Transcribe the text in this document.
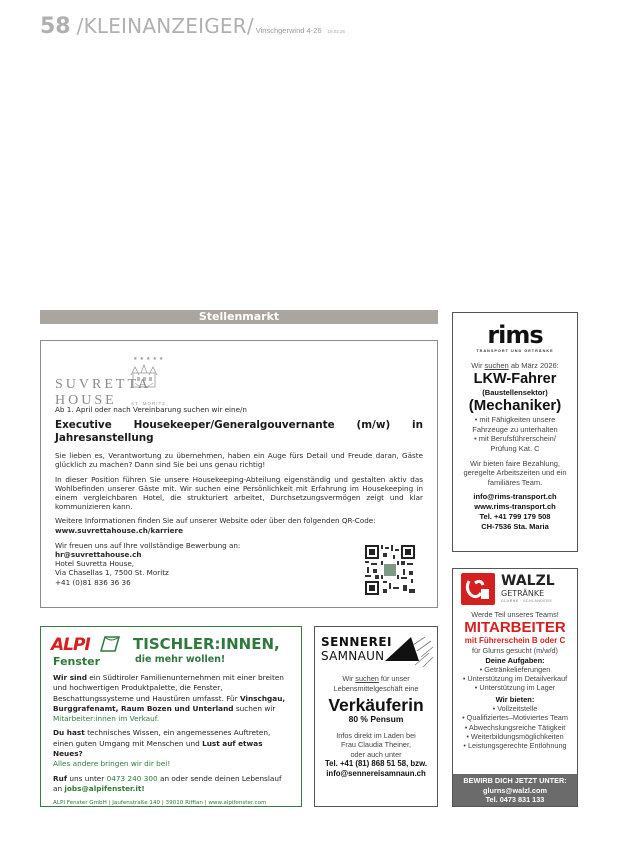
58 /KLEINANZEIGER/ Vinschgerwind 4-26 19.02.26
Stellenmarkt
★★★★★
SUVRETTA HOUSE	ST. MORITZ

Ab 1. April oder nach Vereinbarung suchen wir eine/n

Executive Housekeeper/Generalgouvernante (m/w) in Jahresanstellung

Sie lieben es, Verantwortung zu übernehmen, haben ein Auge fürs Detail und Freude daran, Gäste glücklich zu machen? Dann sind Sie bei uns genau richtig!

In dieser Position führen Sie unsere Housekeeping-Abteilung eigenständig und gestalten aktiv das Wohlbefinden unserer Gäste mit. Wir suchen eine Persönlichkeit mit Erfahrung im Housekeeping in einem vergleichbaren Hotel, die strukturiert arbeitet, Durchsetzungsvermögen zeigt und klar kommunizieren kann.

Weitere Informationen finden Sie auf unserer Website oder über den folgenden QR-Code:
www.suvrettahouse.ch/karriere

Wir freuen uns auf Ihre vollständige Bewerbung an:
hr@suvrettahouse.ch
Hotel Suvretta House,
Via Chasellas 1, 7500 St. Moritz
+41 (0)81 836 36 36

ALPI
Fenster
TISCHLER:INNEN,
die mehr wollen!

Wir sind ein Südtiroler Familienunternehmen mit einer breiten und hochwertigen Produktpalette, die Fenster, Beschattungssysteme und Haustüren umfasst. Für Vinschgau, Burggrafenamt, Raum Bozen und Unterland suchen wir Mitarbeiter:innen im Verkauf.

Du hast technisches Wissen, ein angemessenes Auftreten, einen guten Umgang mit Menschen und Lust auf etwas Neues?
Alles andere bringen wir dir bei!

Ruf uns unter 0473 240 300 an oder sende deinen Lebenslauf an jobs@alpifenster.it!

ALPI Fenster GmbH | Jaufenstraße 140 | 39010 Riffian | www.alpifenster.com

SENNEREI
SAMNAUN
Wir suchen für unser
Lebensmittelgeschäft eine
Verkäuferin
80 % Pensum
Infos direkt im Laden bei
Frau Claudia Theiner,
oder auch unter
Tel. +41 (81) 868 51 58, bzw.
info@sennereisamnaun.ch
rims
TRANSPORT UND GETRÄNKE

Wir suchen ab März 2026:

LKW-Fahrer

(Baustellensektor)

(Mechaniker)

• mit Fähigkeiten unsere

Fahrzeuge zu unterhalten

• mit Berufsführerschein/

Prüfung Kat. C

Wir bieten faire Bezahlung,

geregelte Arbeitszeiten und ein

familiäres Team.

info@rims-transport.ch
www.rims-transport.ch
Tel. +41 799 179 508
CH-7536 Sta. Maria
WALZL
GETRÄNKE
GLURNS · SCHLANDERS

Werde Teil unseres Teams!

MITARBEITER

mit Führerschein B oder C

für Glurns gesucht (m/w/d)

Deine Aufgaben:

• Getränkelieferungen

• Unterstützung im Detailverkauf

• Unterstützung im Lager

Wir bieten:

• Vollzeitstelle

• Qualifiziertes–Motiviertes Team

• Abwechslungsreiche Tätigkeit

• Weiterbildungsmöglichkeiten

• Leistungsgerechte Entlohnung

BEWIRB DICH JETZT UNTER:
glurns@walzl.com
Tel. 0473 831 133
